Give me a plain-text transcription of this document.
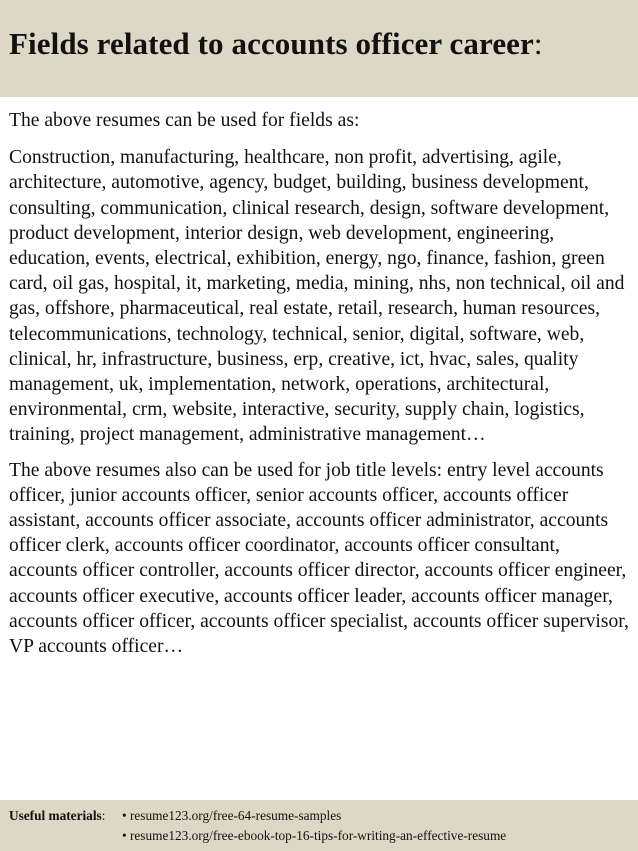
Fields related to accounts officer career:

The above resumes can be used for fields as:

Construction, manufacturing, healthcare, non profit, advertising, agile, architecture, automotive, agency, budget, building, business development, consulting, communication, clinical research, design, software development, product development, interior design, web development, engineering, education, events, electrical, exhibition, energy, ngo, finance, fashion, green card, oil gas, hospital, it, marketing, media, mining, nhs, non technical, oil and gas, offshore, pharmaceutical, real estate, retail, research, human resources, telecommunications, technology, technical, senior, digital, software, web, clinical, hr, infrastructure, business, erp, creative, ict, hvac, sales, quality management, uk, implementation, network, operations, architectural, environmental, crm, website, interactive, security, supply chain, logistics, training, project management, administrative management…

The above resumes also can be used for job title levels: entry level accounts officer, junior accounts officer, senior accounts officer, accounts officer assistant, accounts officer associate, accounts officer administrator, accounts officer clerk, accounts officer coordinator, accounts officer consultant, accounts officer controller, accounts officer director, accounts officer engineer, accounts officer executive, accounts officer leader, accounts officer manager, accounts officer officer, accounts officer specialist, accounts officer supervisor, VP accounts officer…

Useful materials: • resume123.org/free-64-resume-samples
• resume123.org/free-ebook-top-16-tips-for-writing-an-effective-resume
